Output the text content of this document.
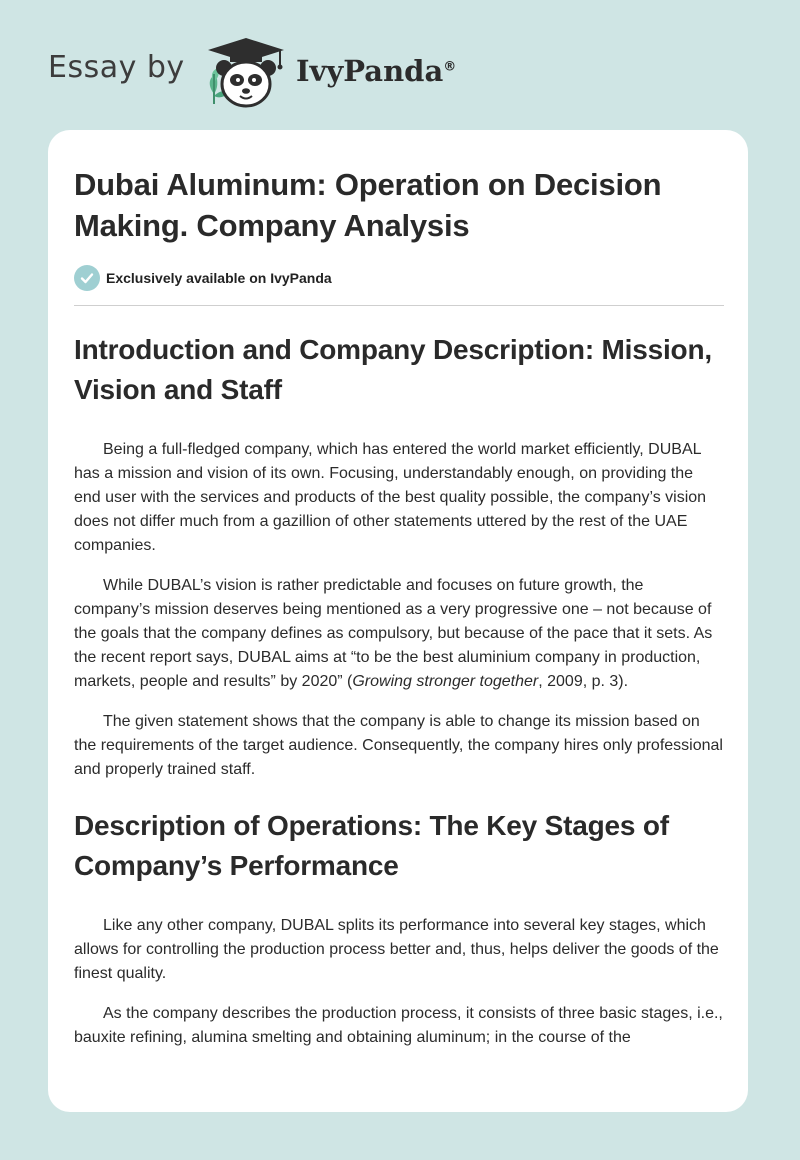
Essay by	IvyPanda®
Dubai Aluminum: Operation on Decision Making. Company Analysis
Exclusively available on IvyPanda
Introduction and Company Description: Mission, Vision and Staff

Being a full-fledged company, which has entered the world market efficiently, DUBAL has a mission and vision of its own. Focusing, understandably enough, on providing the end user with the services and products of the best quality possible, the company’s vision does not differ much from a gazillion of other statements uttered by the rest of the UAE companies.

While DUBAL’s vision is rather predictable and focuses on future growth, the company’s mission deserves being mentioned as a very progressive one – not because of the goals that the company defines as compulsory, but because of the pace that it sets. As the recent report says, DUBAL aims at “to be the best aluminium company in production, markets, people and results” by 2020” (Growing stronger together, 2009, p. 3).

The given statement shows that the company is able to change its mission based on the requirements of the target audience. Consequently, the company hires only professional and properly trained staff.

Description of Operations: The Key Stages of Company’s Performance

Like any other company, DUBAL splits its performance into several key stages, which allows for controlling the production process better and, thus, helps deliver the goods of the finest quality.

As the company describes the production process, it consists of three basic stages, i.e., bauxite refining, alumina smelting and obtaining aluminum; in the course of the
